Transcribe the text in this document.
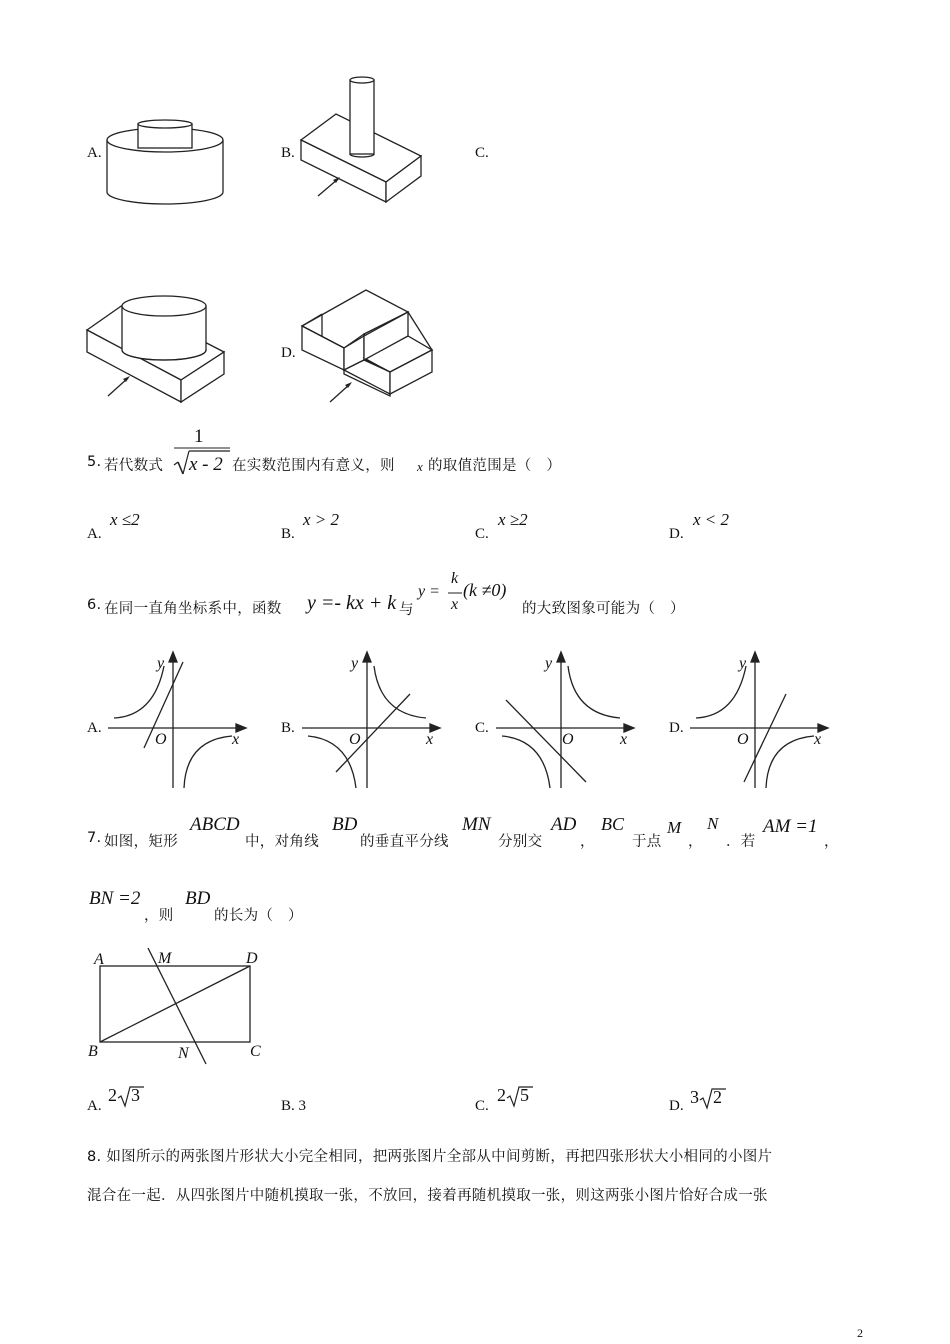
A.	B.	C.
D.
5. 若代数式
1
x - 2 在实数范围内有意义，则 x 的取值范围是（　）
A.
x ≤2
B.
x > 2
C.
x ≥2
D.
x < 2
6. 在同一直角坐标系中，函数 y =- kx + k 与
y =
k
x
(k ≠0)
的大致图象可能为（　）
A.
y
x
O
B.
y
x
O
C.
y
x
O
D.
y
x
O
7. 如图，矩形
ABCD
中，对角线
BD
的垂直平分线
MN
分别交
AD
，
BC
于点
M
，
N
．若
AM =1
，
BN =2
，则
BD
的长为（　）
A	M	D
B	N	C
A.
2 3
B. 3	C.
2 5
D. 3 2
8. 如图所示的两张图片形状大小完全相同，把两张图片全部从中间剪断，再把四张形状大小相同的小图片
混合在一起．从四张图片中随机摸取一张，不放回，接着再随机摸取一张，则这两张小图片恰好合成一张
2
